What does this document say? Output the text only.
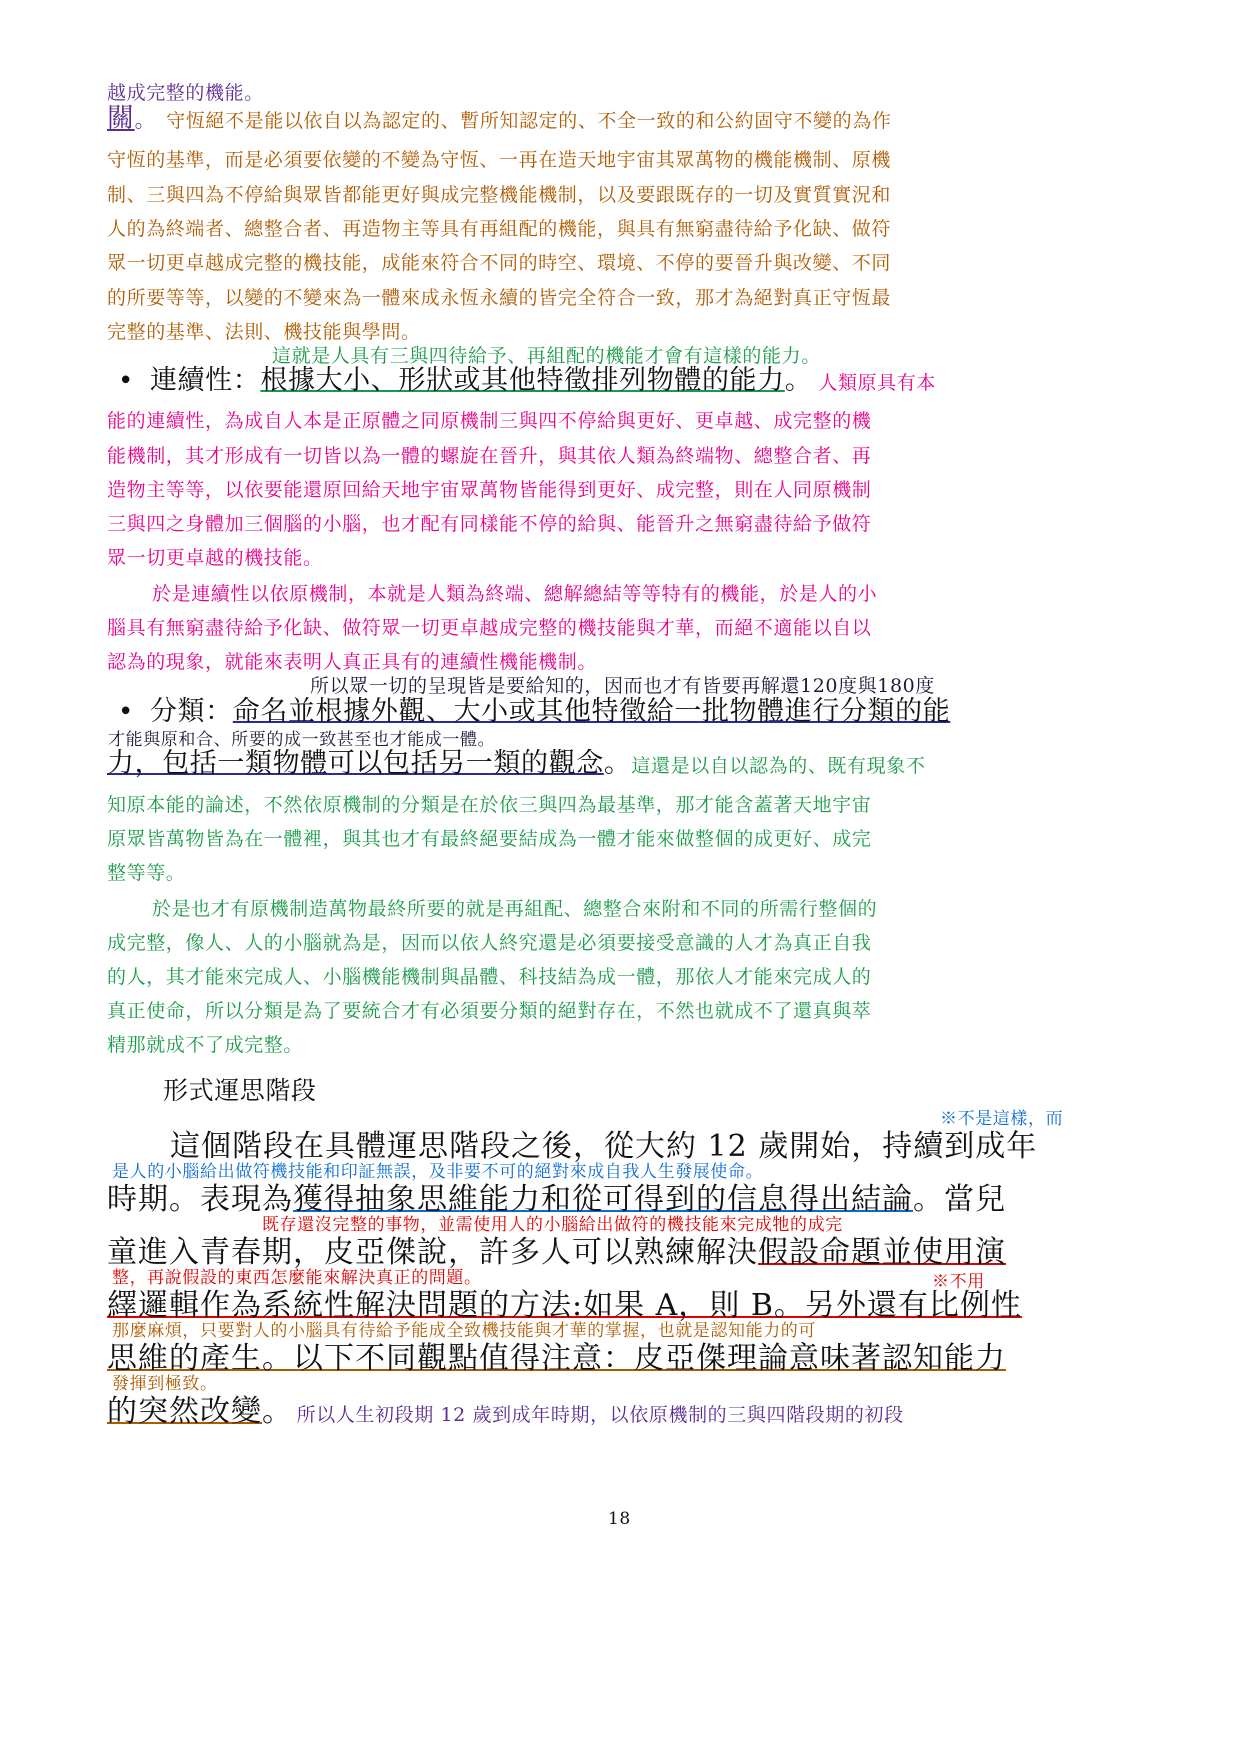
越成完整的機能。
關。 守恆絕不是能以依自以為認定的、暫所知認定的、不全一致的和公約固守不變的為作
守恆的基準，而是必須要依變的不變為守恆、一再在造天地宇宙其眾萬物的機能機制、原機
制、三與四為不停給與眾皆都能更好與成完整機能機制，以及要跟既存的一切及實質實況和
人的為終端者、總整合者、再造物主等具有再組配的機能，與具有無窮盡待給予化缺、做符
眾一切更卓越成完整的機技能，成能來符合不同的時空、環境、不停的要晉升與改變、不同
的所要等等，以變的不變來為一體來成永恆永續的皆完全符合一致，那才為絕對真正守恆最
完整的基準、法則、機技能與學問。
這就是人具有三與四待給予、再組配的機能才會有這樣的能力。
• 連續性：根據大小、形狀或其他特徵排列物體的能力。 人類原具有本
能的連續性，為成自人本是正原體之同原機制三與四不停給與更好、更卓越、成完整的機
能機制，其才形成有一切皆以為一體的螺旋在晉升，與其依人類為終端物、總整合者、再
造物主等等，以依要能還原回給天地宇宙眾萬物皆能得到更好、成完整，則在人同原機制
三與四之身體加三個腦的小腦，也才配有同樣能不停的給與、能晉升之無窮盡待給予做符
眾一切更卓越的機技能。
於是連續性以依原機制，本就是人類為終端、總解總結等等特有的機能，於是人的小
腦具有無窮盡待給予化缺、做符眾一切更卓越成完整的機技能與才華，而絕不適能以自以
認為的現象，就能來表明人真正具有的連續性機能機制。
所以眾一切的呈現皆是要給知的，因而也才有皆要再解還120度與180度
• 分類：命名並根據外觀、大小或其他特徵給一批物體進行分類的能
才能與原和合、所要的成一致甚至也才能成一體。
力，包括一類物體可以包括另一類的觀念。這還是以自以認為的、既有現象不
知原本能的論述，不然依原機制的分類是在於依三與四為最基準，那才能含蓋著天地宇宙
原眾皆萬物皆為在一體裡，與其也才有最終絕要結成為一體才能來做整個的成更好、成完
整等等。
於是也才有原機制造萬物最終所要的就是再組配、總整合來附和不同的所需行整個的
成完整，像人、人的小腦就為是，因而以依人終究還是必須要接受意識的人才為真正自我
的人，其才能來完成人、小腦機能機制與晶體、科技結為成一體，那依人才能來完成人的
真正使命，所以分類是為了要統合才有必須要分類的絕對存在，不然也就成不了還真與萃
精那就成不了成完整。
形式運思階段
※不是這樣，而
這個階段在具體運思階段之後，從大約 12 歲開始，持續到成年
是人的小腦給出做符機技能和印証無誤，及非要不可的絕對來成自我人生發展使命。
時期。表現為獲得抽象思維能力和從可得到的信息得出結論。當兒
既存還沒完整的事物，並需使用人的小腦給出做符的機技能來完成牠的成完
童進入青春期，皮亞傑說，許多人可以熟練解決假設命題並使用演
整，再說假設的東西怎麼能來解決真正的問題。	※不用
繹邏輯作為系統性解決問題的方法:如果 A，則 B。另外還有比例性
那麼麻煩，只要對人的小腦具有待給予能成全致機技能與才華的掌握，也就是認知能力的可
思維的產生。以下不同觀點值得注意：皮亞傑理論意味著認知能力
發揮到極致。
的突然改變。 所以人生初段期 12 歲到成年時期，以依原機制的三與四階段期的初段
18
